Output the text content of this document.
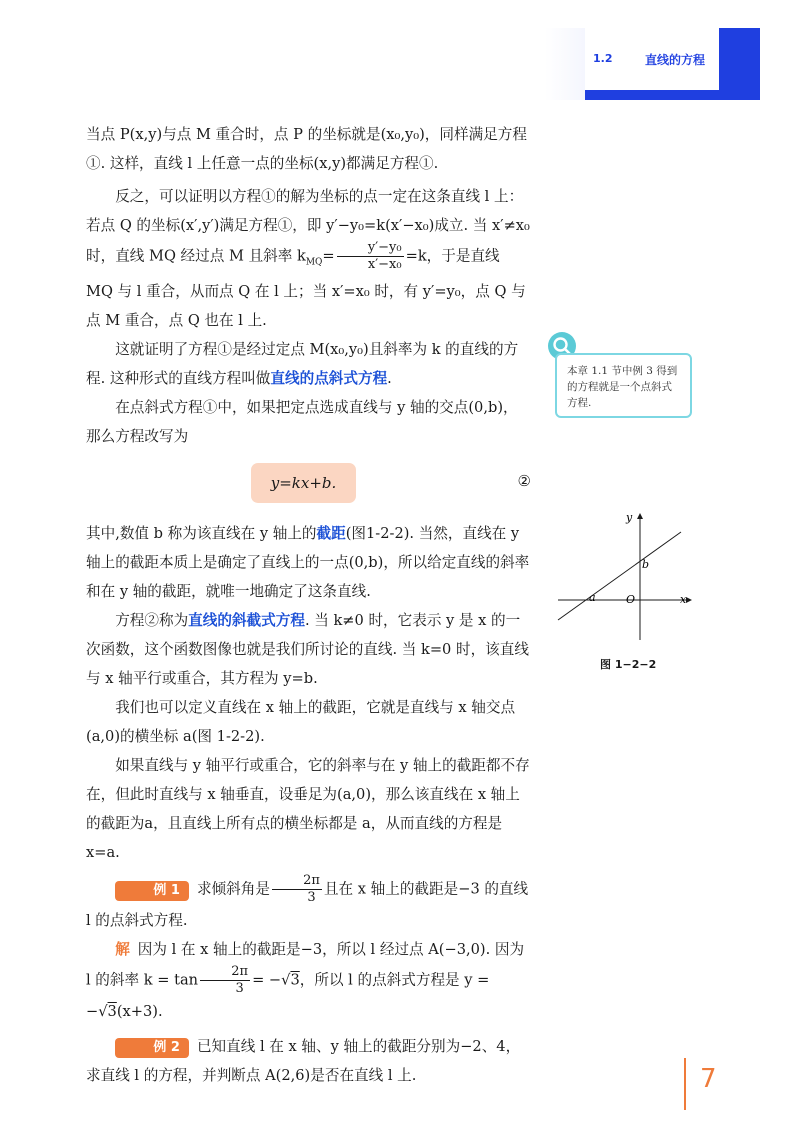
1.2	直线的方程

当点 P(x,y)与点 M 重合时，点 P 的坐标就是(x₀,y₀)，同样满足方程①. 这样，直线 l 上任意一点的坐标(x,y)都满足方程①.

反之，可以证明以方程①的解为坐标的点一定在这条直线 l 上：若点 Q 的坐标(x′,y′)满足方程①，即 y′−y₀=k(x′−x₀)成立. 当 x′≠x₀ 时，直线 MQ 经过点 M 且斜率 $k_{MQ}= \frac{\text{y′−y₀}}{\text{x′−x₀}} =k$，于是直线 MQ 与 l 重合，从而点 Q 在 l 上；当 x′=x₀ 时，有 y′=y₀，点 Q 与点 M 重合，点 Q 也在 l 上.

这就证明了方程①是经过定点 M(x₀,y₀)且斜率为 k 的直线的方程. 这种形式的直线方程叫做直线的点斜式方程.

在点斜式方程①中，如果把定点选成直线与 y 轴的交点(0,b)，那么方程改写为

y=kx+b.	②

其中,数值 b 称为该直线在 y 轴上的截距(图1-2-2). 当然，直线在 y 轴上的截距本质上是确定了直线上的一点(0,b)，所以给定直线的斜率和在 y 轴的截距，就唯一地确定了这条直线.

方程②称为直线的斜截式方程. 当 k≠0 时，它表示 y 是 x 的一次函数，这个函数图像也就是我们所讨论的直线. 当 k=0 时，该直线与 x 轴平行或重合，其方程为 y=b.

我们也可以定义直线在 x 轴上的截距，它就是直线与 x 轴交点(a,0)的横坐标 a(图 1-2-2).

如果直线与 y 轴平行或重合，它的斜率与在 y 轴上的截距都不存在，但此时直线与 x 轴垂直，设垂足为(a,0)，那么该直线在 x 轴上的截距为a，且直线上所有点的横坐标都是 a，从而直线的方程是 x=a.

例 1 求倾斜角是 $\frac{2\pi}{3}$ 且在 x 轴上的截距是−3 的直线 l 的点斜式方程.

解 因为 l 在 x 轴上的截距是−3，所以 l 经过点 A(−3,0). 因为 l 的斜率 $k = \tan \frac{2\pi}{3} = -√3$，所以 l 的点斜式方程是 y = −√3(x+3).

例 2 已知直线 l 在 x 轴、y 轴上的截距分别为−2、4，求直线 l 的方程，并判断点 A(2,6)是否在直线 l 上.

本章 1.1 节中例 3 得到的方程就是一个点斜式方程.
y
x
O
a
b
图 1−2−2
7
